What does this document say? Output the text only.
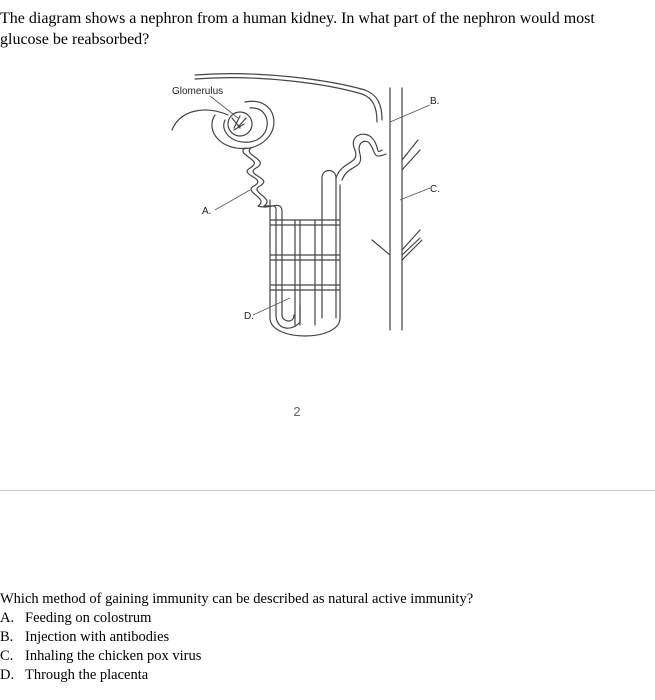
The diagram shows a nephron from a human kidney. In what part of the nephron would most glucose be reabsorbed?
Glomerulus
A.
B.
C.
D.
2
Which method of gaining immunity can be described as natural active immunity?
A. Feeding on colostrum
B. Injection with antibodies
C. Inhaling the chicken pox virus
D. Through the placenta
